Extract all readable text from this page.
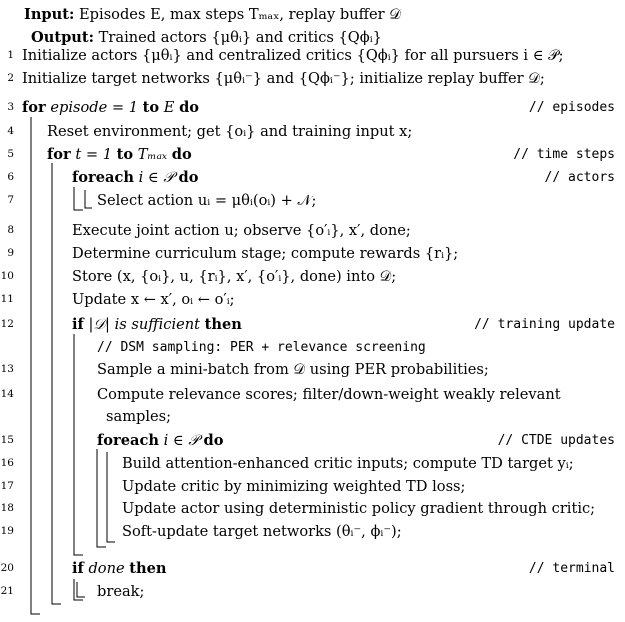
Input: Episodes E, max steps Tₘₐₓ, replay buffer 𝒟
Output: Trained actors {μθᵢ} and critics {Qϕᵢ}
1 Initialize actors {μθᵢ} and centralized critics {Qϕᵢ} for all pursuers i ∈ 𝒫;
2 Initialize target networks {μθᵢ⁻} and {Qϕᵢ⁻}; initialize replay buffer 𝒟;
3 for episode = 1 to E do	// episodes
4 Reset environment; get {oᵢ} and training input x;
5 for t = 1 to Tₘₐₓ do	// time steps
6	foreach i ∈ 𝒫 do	// actors
7	Select action uᵢ = μθᵢ(oᵢ) + 𝒩;
8	Execute joint action u; observe {o′ᵢ}, x′, done;
9	Determine curriculum stage; compute rewards {rᵢ};
10	Store (x, {oᵢ}, u, {rᵢ}, x′, {o′ᵢ}, done) into 𝒟;
11	Update x ← x′, oᵢ ← o′ᵢ;
12	if |𝒟| is sufficient then	// training update
// DSM sampling: PER + relevance screening
13	Sample a mini-batch from 𝒟 using PER probabilities;
14	Compute relevance scores; filter/down-weight weakly relevant
samples;
15	foreach i ∈ 𝒫 do	// CTDE updates
16	Build attention-enhanced critic inputs; compute TD target yᵢ;
17	Update critic by minimizing weighted TD loss;
18	Update actor using deterministic policy gradient through critic;
19	Soft-update target networks (θᵢ⁻, ϕᵢ⁻);
20	if done then	// terminal
21	break;
